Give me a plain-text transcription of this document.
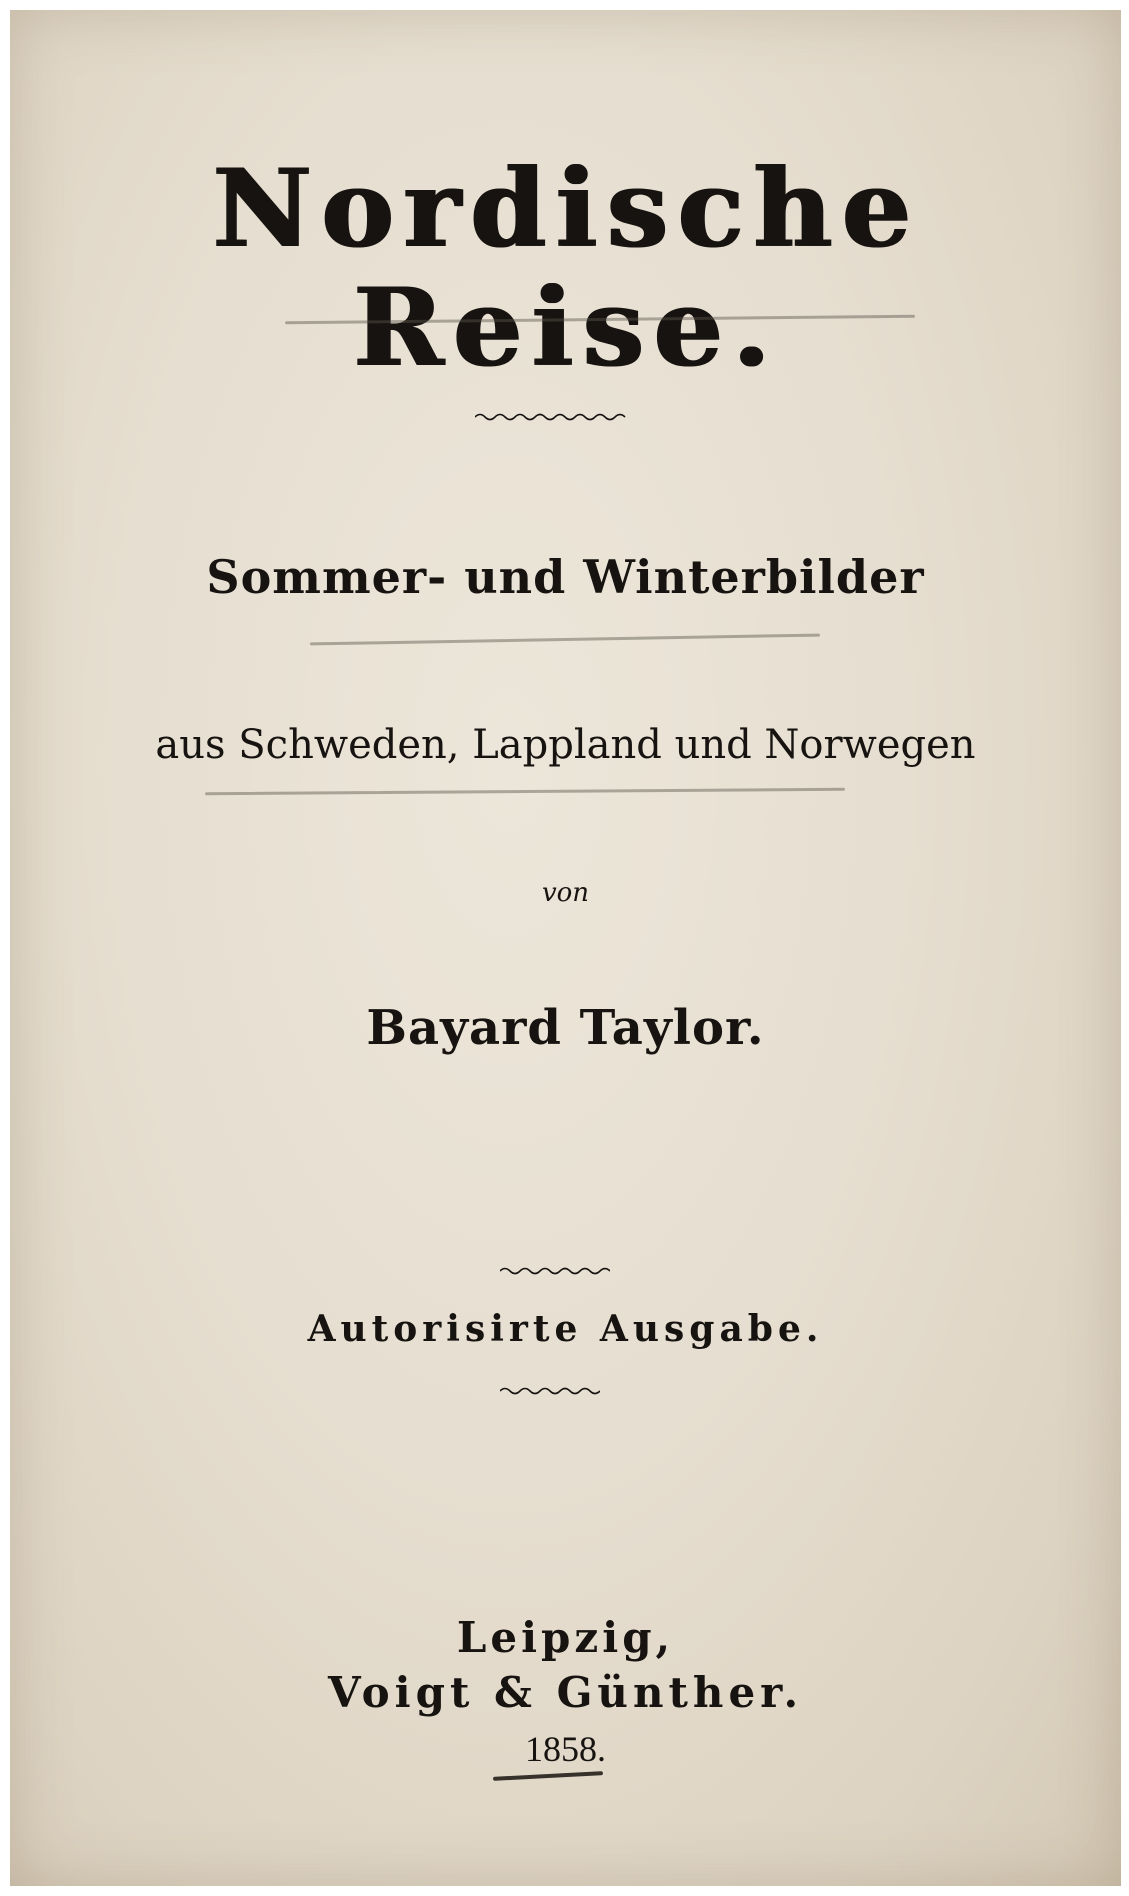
Nordische Reise.
Sommer- und Winterbilder
aus Schweden, Lappland und Norwegen
von
Bayard Taylor.
Autorisirte Ausgabe.
Leipzig,
Voigt & Günther.
1858.
